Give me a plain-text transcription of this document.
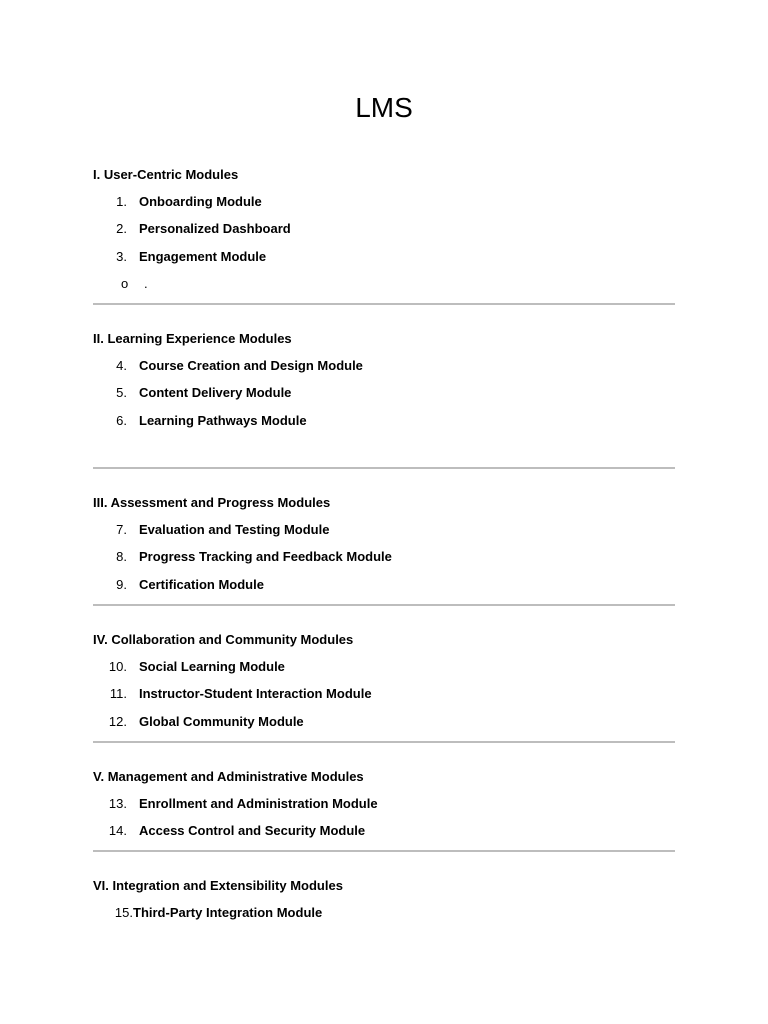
LMS
I. User-Centric Modules
1. Onboarding Module
2. Personalized Dashboard
3. Engagement Module
o .
II. Learning Experience Modules
4. Course Creation and Design Module
5. Content Delivery Module
6. Learning Pathways Module
III. Assessment and Progress Modules
7. Evaluation and Testing Module
8. Progress Tracking and Feedback Module
9. Certification Module
IV. Collaboration and Community Modules
10. Social Learning Module
11. Instructor-Student Interaction Module
12. Global Community Module
V. Management and Administrative Modules
13. Enrollment and Administration Module
14. Access Control and Security Module
VI. Integration and Extensibility Modules
15. Third-Party Integration Module
